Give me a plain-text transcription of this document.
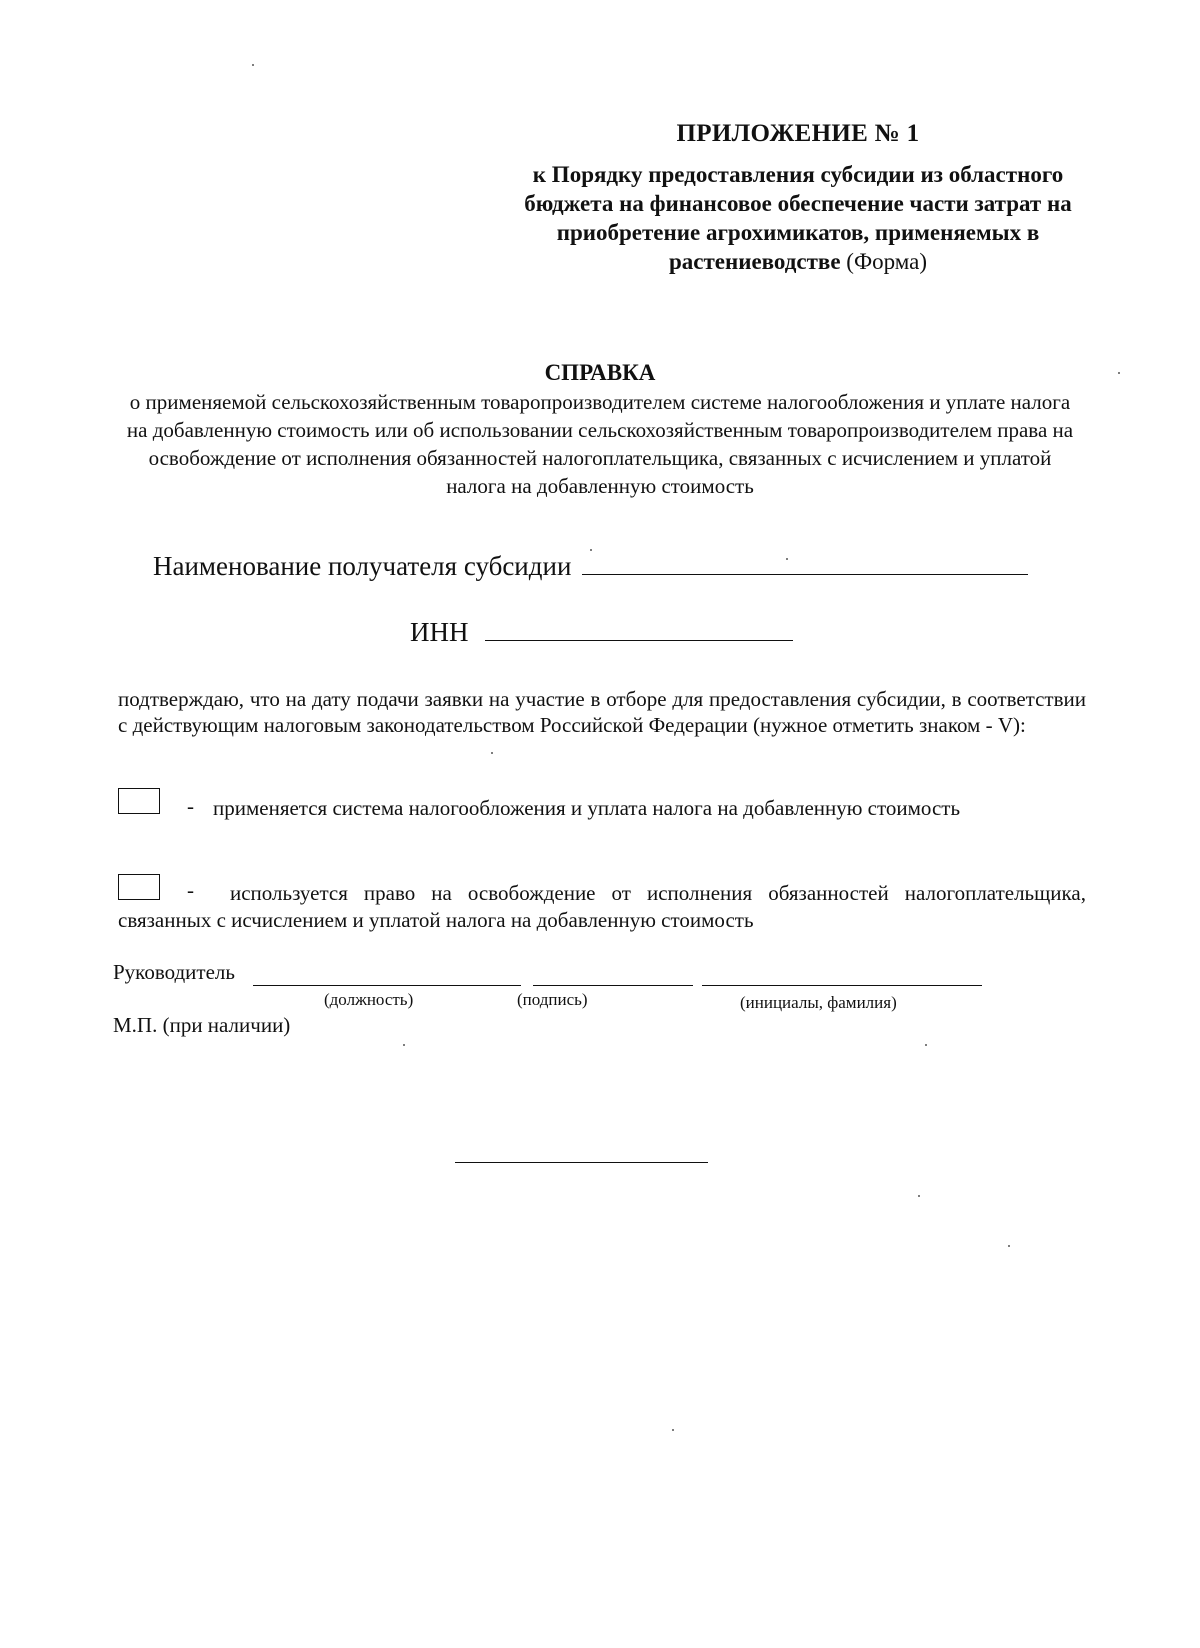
ПРИЛОЖЕНИЕ № 1
к Порядку предоставления субсидии из областного бюджета на финансовое обеспечение части затрат на приобретение агрохимикатов, применяемых в растениеводстве (Форма)
СПРАВКА
о применяемой сельскохозяйственным товаропроизводителем системе налогообложения и уплате налога на добавленную стоимость или об использовании сельскохозяйственным товаропроизводителем права на освобождение от исполнения обязанностей налогоплательщика, связанных с исчислением и уплатой налога на добавленную стоимость
Наименование получателя субсидии
ИНН
подтверждаю, что на дату подачи заявки на участие в отборе для предоставления субсидии, в соответствии с действующим налоговым законодательством Российской Федерации (нужное отметить знаком - V):
- применяется система налогообложения и уплата налога на добавленную стоимость
-	используется право на освобождение от исполнения обязанностей налогоплательщика, связанных с исчислением и уплатой налога на добавленную стоимость
Руководитель
(должность)	(подпись)	(инициалы, фамилия)
М.П. (при наличии)
